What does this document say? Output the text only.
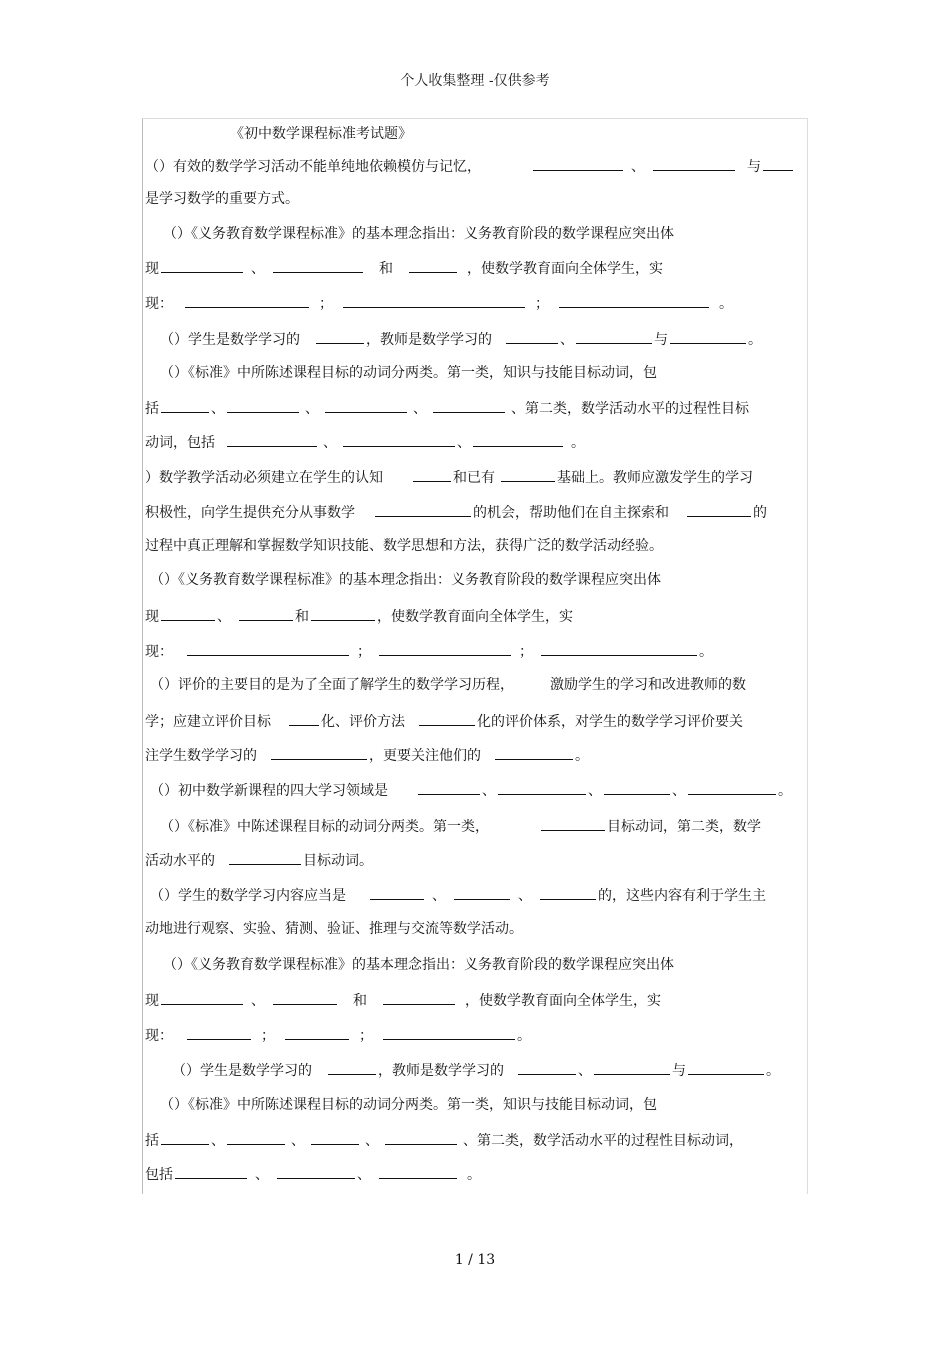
个人收集整理 -仅供参考
《初中数学课程标准考试题》
（）有效的数学学习活动不能单纯地依赖模仿与记忆，	、	与
是学习数学的重要方式。
（）《义务教育数学课程标准》的基本理念指出：义务教育阶段的数学课程应突出体
现	、	和	，使数学教育面向全体学生，实
现：	；	；	。
（）学生是数学学习的	，教师是数学学习的	、	与	。
（）《标准》中所陈述课程目标的动词分两类。第一类，知识与技能目标动词，包
括	、	、	、	、第二类，数学活动水平的过程性目标
动词，包括	、	、	。
）数学教学活动必须建立在学生的认知	和已有	基础上。教师应激发学生的学习
积极性，向学生提供充分从事数学	的机会，帮助他们在自主探索和	的
过程中真正理解和掌握数学知识技能、数学思想和方法，获得广泛的数学活动经验。
（）《义务教育数学课程标准》的基本理念指出：义务教育阶段的数学课程应突出体
现	、	和	，使数学教育面向全体学生，实
现：	；	；	。
（）评价的主要目的是为了全面了解学生的数学学习历程，	激励学生的学习和改进教师的数
学；应建立评价目标	化、评价方法	化的评价体系，对学生的数学学习评价要关
注学生数学学习的	，更要关注他们的	。
（）初中数学新课程的四大学习领域是	、	、	、	。
（）《标准》中陈述课程目标的动词分两类。第一类，	目标动词，第二类，数学
活动水平的	目标动词。
（）学生的数学学习内容应当是	、	、	的，这些内容有利于学生主
动地进行观察、实验、猜测、验证、推理与交流等数学活动。
（）《义务教育数学课程标准》的基本理念指出：义务教育阶段的数学课程应突出体
现	、	和	，使数学教育面向全体学生，实
现：	；	；	。
（）学生是数学学习的	，教师是数学学习的	、	与	。
（）《标准》中所陈述课程目标的动词分两类。第一类，知识与技能目标动词，包
括	、	、	、	、第二类，数学活动水平的过程性目标动词，
包括	、	、	。
1 / 13
